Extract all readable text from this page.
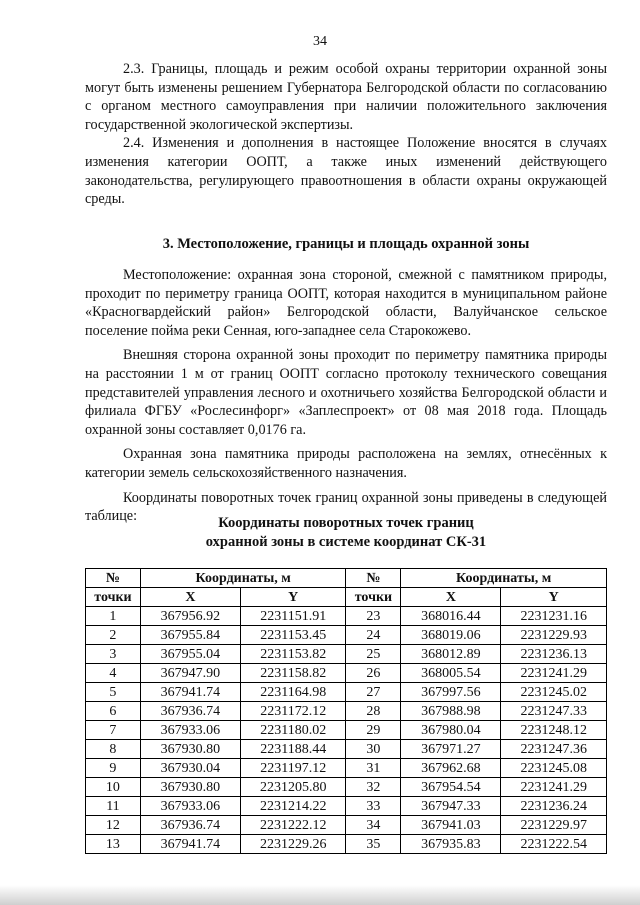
34

2.3. Границы, площадь и режим особой охраны территории охранной зоны могут быть изменены решением Губернатора Белгородской области по согласованию с органом местного самоуправления при наличии положительного заключения государственной экологической экспертизы.

2.4. Изменения и дополнения в настоящее Положение вносятся в случаях изменения категории ООПТ, а также иных изменений действующего законодательства, регулирующего правоотношения в области охраны окружающей среды.

3. Местоположение, границы и площадь охранной зоны

Местоположение: охранная зона стороной, смежной с памятником природы, проходит по периметру граница ООПТ, которая находится в муниципальном районе «Красногвардейский район» Белгородской области, Валуйчанское сельское поселение пойма реки Сенная, юго-западнее села Старокожево.

Внешняя сторона охранной зоны проходит по периметру памятника природы на расстоянии 1 м от границ ООПТ согласно протоколу технического совещания представителей управления лесного и охотничьего хозяйства Белгородской области и филиала ФГБУ «Рослесинфорг» «Заплеспроект» от 08 мая 2018 года. Площадь охранной зоны составляет 0,0176 га.

Охранная зона памятника природы расположена на землях, отнесённых к категории земель сельскохозяйственного назначения.

Координаты поворотных точек границ охранной зоны приведены в следующей таблице:	Координаты поворотных точек границ
охранной зоны в системе координат СК-31
№	Координаты, м		№	Координаты, м	
точки	X	Y	точки	X	Y
1	367956.92	2231151.91	23	368016.44	2231231.16
2	367955.84	2231153.45	24	368019.06	2231229.93
3	367955.04	2231153.82	25	368012.89	2231236.13
4	367947.90	2231158.82	26	368005.54	2231241.29
5	367941.74	2231164.98	27	367997.56	2231245.02
6	367936.74	2231172.12	28	367988.98	2231247.33
7	367933.06	2231180.02	29	367980.04	2231248.12
8	367930.80	2231188.44	30	367971.27	2231247.36
9	367930.04	2231197.12	31	367962.68	2231245.08
10	367930.80	2231205.80	32	367954.54	2231241.29
11	367933.06	2231214.22	33	367947.33	2231236.24
12	367936.74	2231222.12	34	367941.03	2231229.97
13	367941.74	2231229.26	35	367935.83	2231222.54
